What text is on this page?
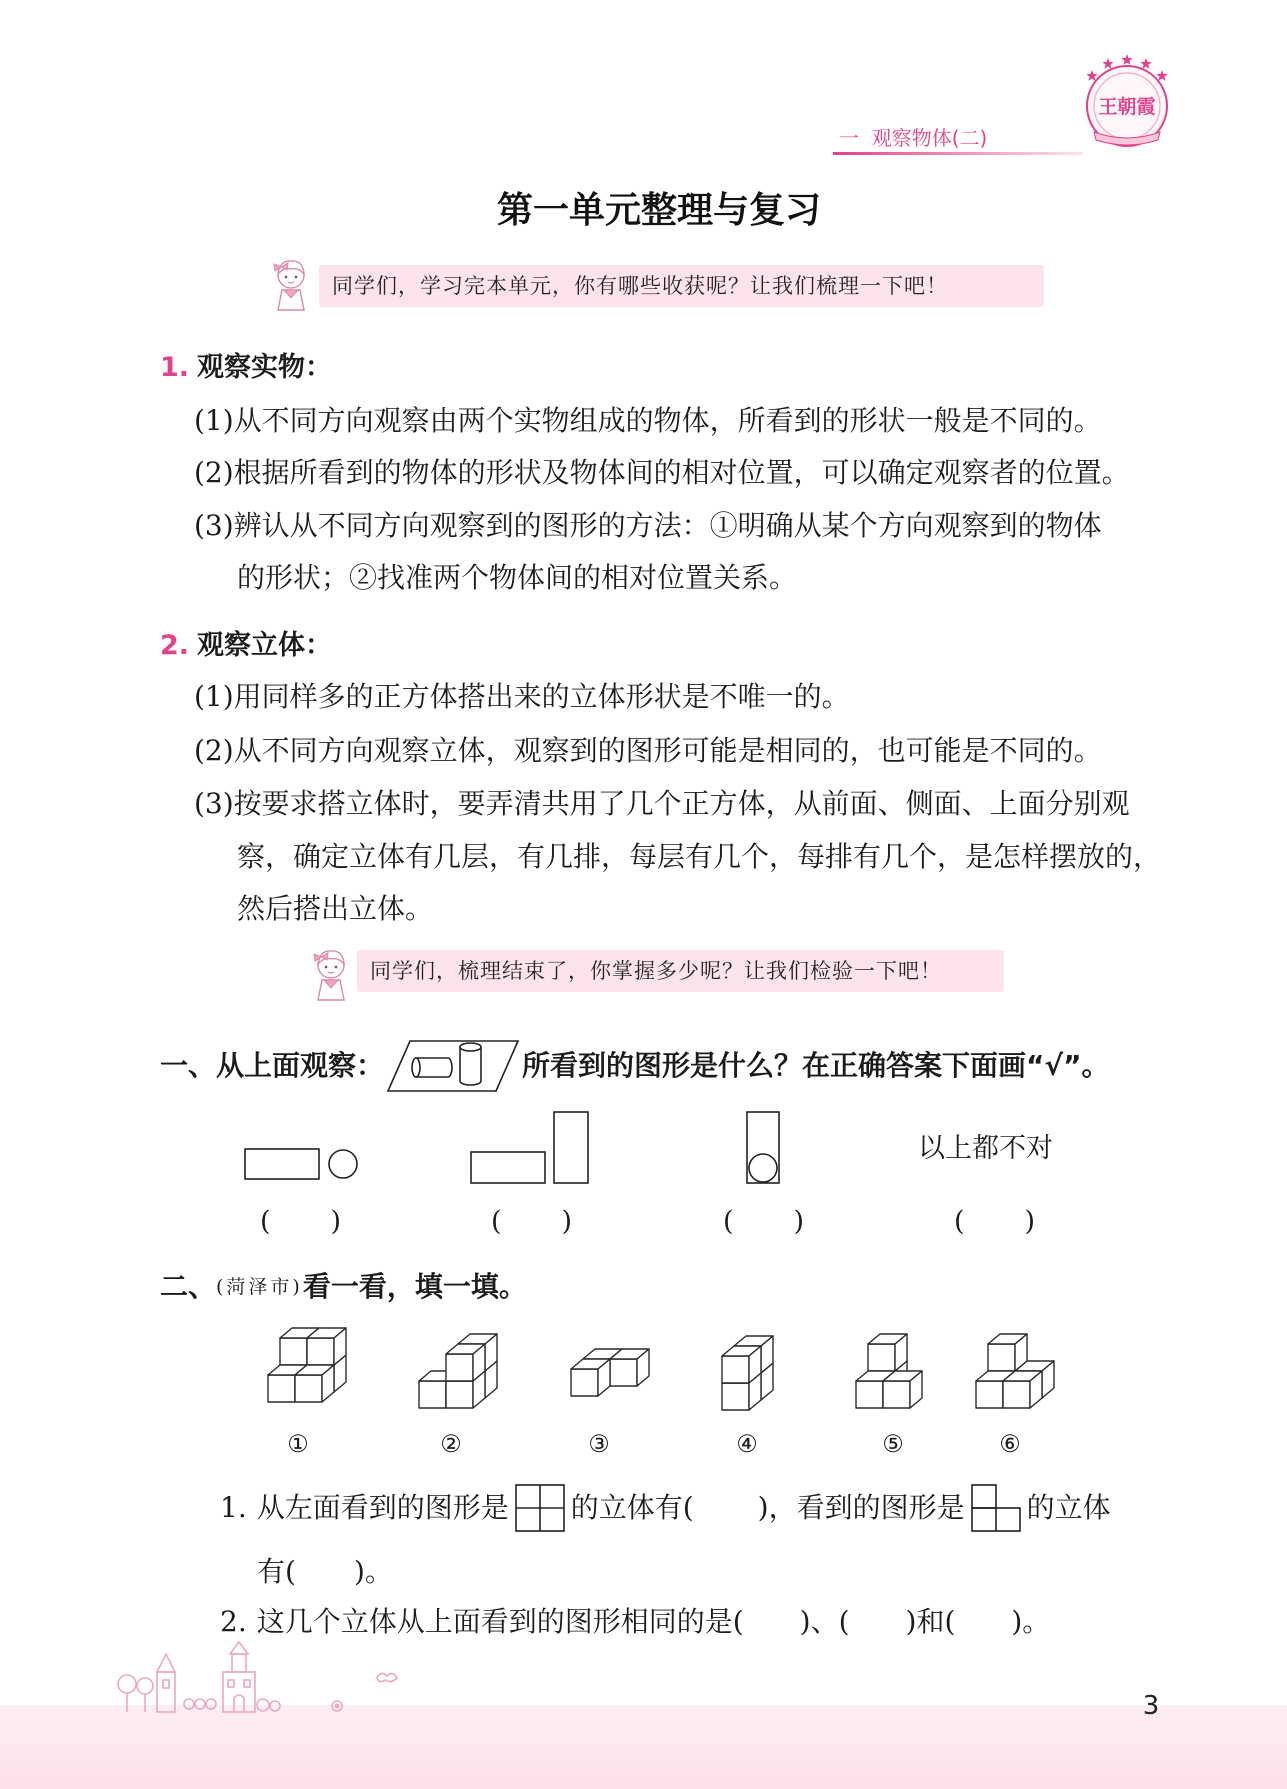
一  观察物体(二)
王朝霞
第一单元整理与复习
同学们，学习完本单元，你有哪些收获呢？让我们梳理一下吧！
1. 观察实物：
(1)从不同方向观察由两个实物组成的物体，所看到的形状一般是不同的。
(2)根据所看到的物体的形状及物体间的相对位置，可以确定观察者的位置。
(3)辨认从不同方向观察到的图形的方法：①明确从某个方向观察到的物体
的形状；②找准两个物体间的相对位置关系。
2. 观察立体：
(1)用同样多的正方体搭出来的立体形状是不唯一的。
(2)从不同方向观察立体，观察到的图形可能是相同的，也可能是不同的。
(3)按要求搭立体时，要弄清共用了几个正方体，从前面、侧面、上面分别观
察，确定立体有几层，有几排，每层有几个，每排有几个，是怎样摆放的，
然后搭出立体。
同学们，梳理结束了，你掌握多少呢？让我们检验一下吧！
一、 从上面观察：	所看到的图形是什么？在正确答案下面画“√”。
以上都不对
( )	( )	( )	( )
二、 (菏泽市) 看一看，填一填。
①	②	③	④	⑤	⑥
1. 从左面看到的图形是 的立体有( )，看到的图形是 的立体
有( )。
2. 这几个立体从上面看到的图形相同的是( )、( )和( )。
3
